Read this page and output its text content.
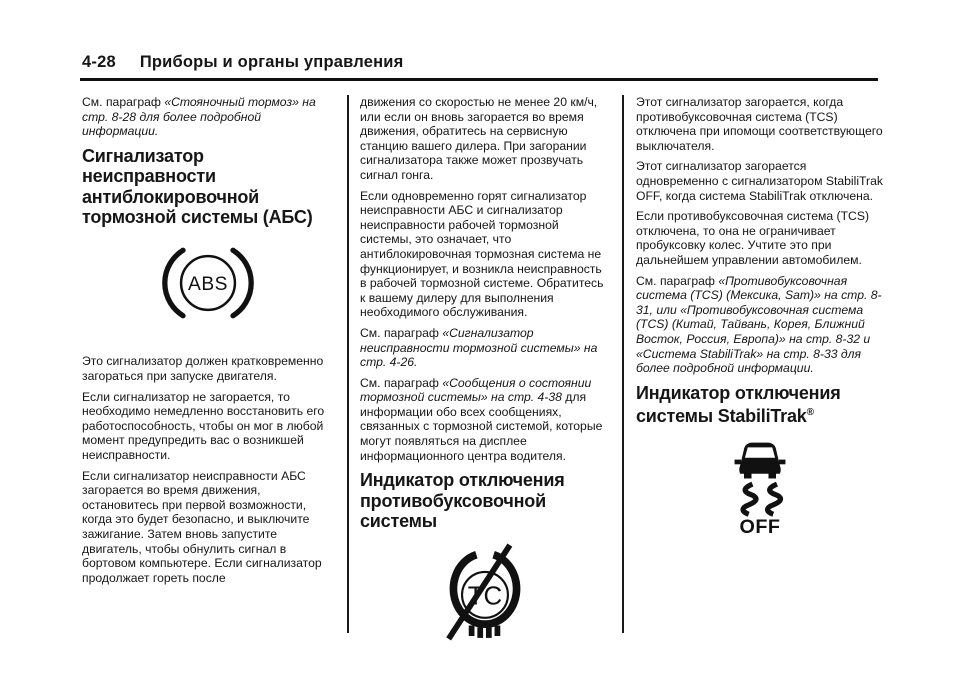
4-28 Приборы и органы управления

См. параграф «Стояночный тормоз» на стр. 8-28 для более подробной информации.

Сигнализатор неисправности антиблокировочной тормозной системы (АБС)
ABS

Это сигнализатор должен кратковременно загораться при запуске двигателя.

Если сигнализатор не загорается, то необходимо немедленно восстановить его работоспособность, чтобы он мог в любой момент предупредить вас о возникшей неисправности.

Если сигнализатор неисправности АБС загорается во время движения, остановитесь при первой возможности, когда это будет безопасно, и выключите зажигание. Затем вновь запустите двигатель, чтобы обнулить сигнал в бортовом компьютере. Если сигнализатор продолжает гореть после

движения со скоростью не менее 20 км/ч, или если он вновь загорается во время движения, обратитесь на сервисную станцию вашего дилера. При загорании сигнализатора также может прозвучать сигнал гонга.

Если одновременно горят сигнализатор неисправности АБС и сигнализатор неисправности рабочей тормозной системы, это означает, что антиблокировочная тормозная система не функционирует, и возникла неисправность в рабочей тормозной системе. Обратитесь к вашему дилеру для выполнения необходимого обслуживания.

См. параграф «Сигнализатор неисправности тормозной системы» на стр. 4-26.

См. параграф «Сообщения о состоянии тормозной системы» на стр. 4-38 для информации обо всех сообщениях, связанных с тормозной системой, которые могут появляться на дисплее информационного центра водителя.

Индикатор отключения противобуксовочной системы
TC

Этот сигнализатор загорается, когда противобуксовочная система (TCS) отключена при ипомощи соответствующего выключателя.

Этот сигнализатор загорается одновременно с сигнализатором StabiliTrak OFF, когда система StabiliTrak отключена.

Если противобуксовочная система (TCS) отключена, то она не ограничивает пробуксовку колес. Учтите это при дальнейшем управлении автомобилем.

См. параграф «Противобуксовочная система (TCS) (Мексика, Sam)» на стр. 8-31, или «Противобуксовочная система (TCS) (Китай, Тайвань, Корея, Ближний Восток, Россия, Европа)» на стр. 8-32 и «Система StabiliTrak» на стр. 8-33 для более подробной информации.

Индикатор отключения системы StabiliTrak®
OFF
